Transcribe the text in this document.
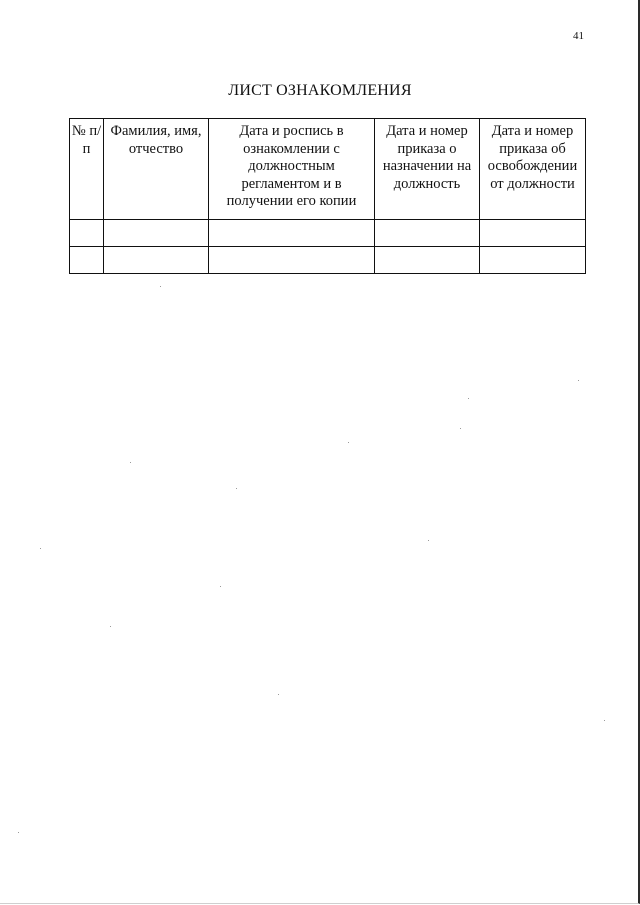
41
ЛИСТ ОЗНАКОМЛЕНИЯ
№ п/п	Фамилия, имя, отчество	Дата и роспись в ознакомлении с должностным регламентом и в получении его копии	Дата и номер приказа о назначении на должность	Дата и номер приказа об освобождении от должности
